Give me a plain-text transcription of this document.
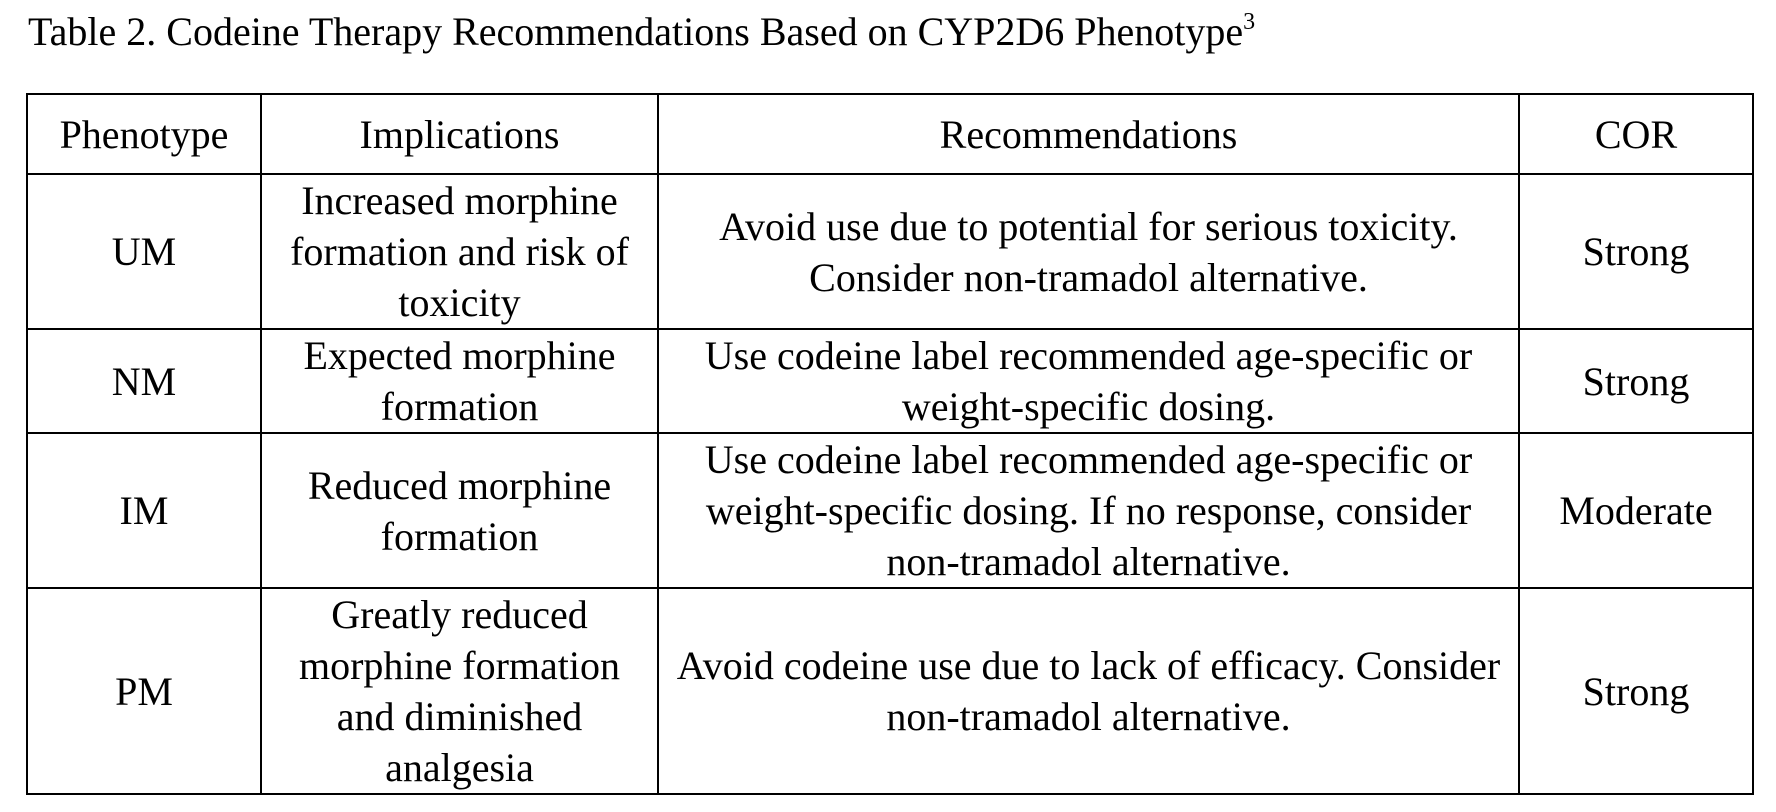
Table 2. Codeine Therapy Recommendations Based on CYP2D6 Phenotype$^3$
Phenotype	Implications	Recommendations	COR
UM	Increased morphine formation and risk of toxicity	Avoid use due to potential for serious toxicity. Consider non-tramadol alternative.	Strong
NM	Expected morphine formation	Use codeine label recommended age-specific or weight-specific dosing.	Strong
IM	Reduced morphine formation	Use codeine label recommended age-specific or weight-specific dosing. If no response, consider non-tramadol alternative.	Moderate
PM	Greatly reduced morphine formation and diminished analgesia	Avoid codeine use due to lack of efficacy. Consider non-tramadol alternative.	Strong
